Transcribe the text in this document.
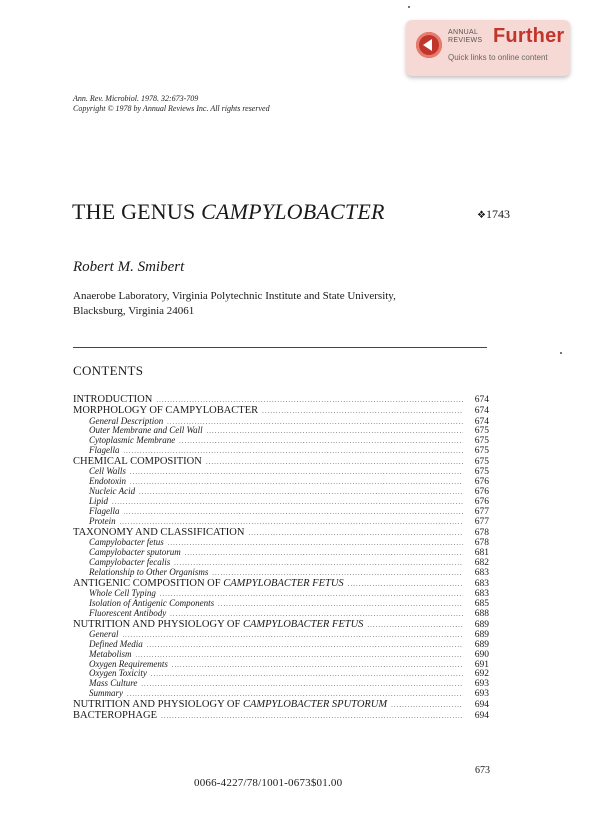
ANNUAL
REVIEWS Further
Quick links to online content
Ann. Rev. Microbiol. 1978. 32:673-709
Copyright © 1978 by Annual Reviews Inc. All rights reserved
THE GENUS CAMPYLOBACTER	❖1743
Robert M. Smibert
Anaerobe Laboratory, Virginia Polytechnic Institute and State University,
Blacksburg, Virginia 24061
CONTENTS
INTRODUCTION .....	674
MORPHOLOGY OF CAMPYLOBACTER .....	674
General Description .....	674
Outer Membrane and Cell Wall .....	675
Cytoplasmic Membrane .....	675
Flagella .....	675
CHEMICAL COMPOSITION .....	675
Cell Walls .....	675
Endotoxin .....	676
Nucleic Acid .....	676
Lipid .....	676
Flagella .....	677
Protein .....	677
TAXONOMY AND CLASSIFICATION .....	678
Campylobacter fetus .....	678
Campylobacter sputorum .....	681
Campylobacter fecalis .....	682
Relationship to Other Organisms .....	683
ANTIGENIC COMPOSITION OF CAMPYLOBACTER FETUS .....	683
Whole Cell Typing .....	683
Isolation of Antigenic Components .....	685
Fluorescent Antibody .....	688
NUTRITION AND PHYSIOLOGY OF CAMPYLOBACTER FETUS .....	689
General .....	689
Defined Media .....	689
Metabolism .....	690
Oxygen Requirements .....	691
Oxygen Toxicity .....	692
Mass Culture .....	693
Summary .....	693
NUTRITION AND PHYSIOLOGY OF CAMPYLOBACTER SPUTORUM .....	694
BACTEROPHAGE .....	694
673
0066-4227/78/1001-0673$01.00
